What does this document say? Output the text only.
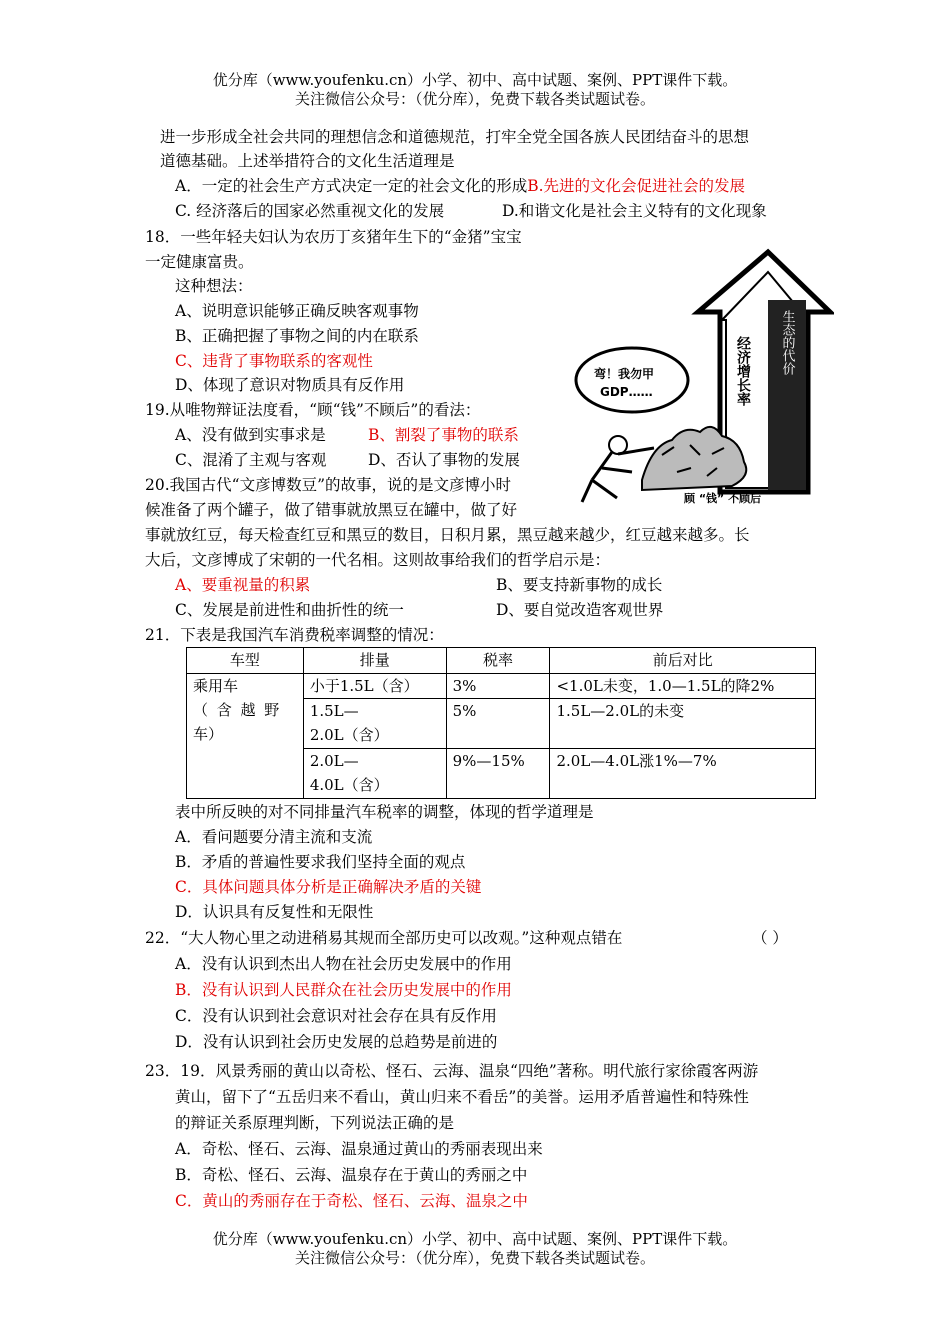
优分库（www.youfenku.cn）小学、初中、高中试题、案例、PPT课件下载。
关注微信公众号：（优分库），免费下载各类试题试卷。
进一步形成全社会共同的理想信念和道德规范，打牢全党全国各族人民团结奋斗的思想
道德基础。上述举措符合的文化生活道理是
A．一定的社会生产方式决定一定的社会文化的形成B.先进的文化会促进社会的发展
C. 经济落后的国家必然重视文化的发展	D.和谐文化是社会主义特有的文化现象
18．一些年轻夫妇认为农历丁亥猪年生下的“金猪”宝宝
一定健康富贵。
这种想法：
A、说明意识能够正确反映客观事物
B、正确把握了事物之间的内在联系
C、违背了事物联系的客观性
D、体现了意识对物质具有反作用
19.从唯物辩证法度看，“顾“钱”不顾后”的看法：
A、没有做到实事求是	B、割裂了事物的联系
C、混淆了主观与客观	D、否认了事物的发展
经济增长率 生态的代价
弯！我勿甲
GDP……
顾 “钱” 不顾后
20.我国古代“文彦博数豆”的故事，说的是文彦博小时
候准备了两个罐子，做了错事就放黑豆在罐中，做了好
事就放红豆，每天检查红豆和黑豆的数目，日积月累，黑豆越来越少，红豆越来越多。长
大后，文彦博成了宋朝的一代名相。这则故事给我们的哲学启示是：
A、要重视量的积累	B、要支持新事物的成长
C、发展是前进性和曲折性的统一	D、要自觉改造客观世界
21．下表是我国汽车消费税率调整的情况：
车型	排量	税率	前后对比

乘用车
（ 含 越 野
车）	小于1.5L（含）	3%	<1.0L未变，1.0—1.5L的降2%

	1.5L—
2.0L（含）	5%	1.5L—2.0L的未变

	2.0L—
4.0L（含）	9%—15%	2.0L—4.0L涨1%—7%
表中所反映的对不同排量汽车税率的调整，体现的哲学道理是
A．看问题要分清主流和支流
B．矛盾的普遍性要求我们坚持全面的观点
C．具体问题具体分析是正确解决矛盾的关键
D．认识具有反复性和无限性
22．“大人物心里之动进稍易其规而全部历史可以改观。”这种观点错在	（ ）
A．没有认识到杰出人物在社会历史发展中的作用
B．没有认识到人民群众在社会历史发展中的作用
C．没有认识到社会意识对社会存在具有反作用
D．没有认识到社会历史发展的总趋势是前进的
23．19．风景秀丽的黄山以奇松、怪石、云海、温泉“四绝”著称。明代旅行家徐霞客两游
黄山，留下了“五岳归来不看山，黄山归来不看岳”的美誉。运用矛盾普遍性和特殊性
的辩证关系原理判断，下列说法正确的是
A．奇松、怪石、云海、温泉通过黄山的秀丽表现出来
B．奇松、怪石、云海、温泉存在于黄山的秀丽之中
C．黄山的秀丽存在于奇松、怪石、云海、温泉之中
优分库（www.youfenku.cn）小学、初中、高中试题、案例、PPT课件下载。
关注微信公众号：（优分库），免费下载各类试题试卷。
